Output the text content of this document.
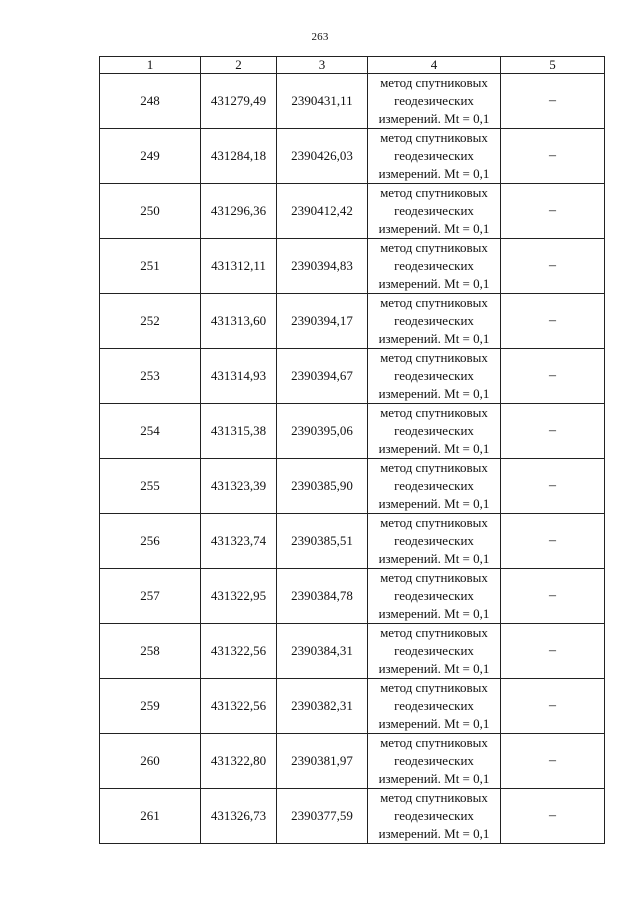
263
1	2	3	4	5
248	431279,49	2390431,11	метод спутниковых
геодезических
измерений. Mt = 0,1	–
249	431284,18	2390426,03	метод спутниковых
геодезических
измерений. Mt = 0,1	–
250	431296,36	2390412,42	метод спутниковых
геодезических
измерений. Mt = 0,1	–
251	431312,11	2390394,83	метод спутниковых
геодезических
измерений. Mt = 0,1	–
252	431313,60	2390394,17	метод спутниковых
геодезических
измерений. Mt = 0,1	–
253	431314,93	2390394,67	метод спутниковых
геодезических
измерений. Mt = 0,1	–
254	431315,38	2390395,06	метод спутниковых
геодезических
измерений. Mt = 0,1	–
255	431323,39	2390385,90	метод спутниковых
геодезических
измерений. Mt = 0,1	–
256	431323,74	2390385,51	метод спутниковых
геодезических
измерений. Mt = 0,1	–
257	431322,95	2390384,78	метод спутниковых
геодезических
измерений. Mt = 0,1	–
258	431322,56	2390384,31	метод спутниковых
геодезических
измерений. Mt = 0,1	–
259	431322,56	2390382,31	метод спутниковых
геодезических
измерений. Mt = 0,1	–
260	431322,80	2390381,97	метод спутниковых
геодезических
измерений. Mt = 0,1	–
261	431326,73	2390377,59	метод спутниковых
геодезических
измерений. Mt = 0,1	–
